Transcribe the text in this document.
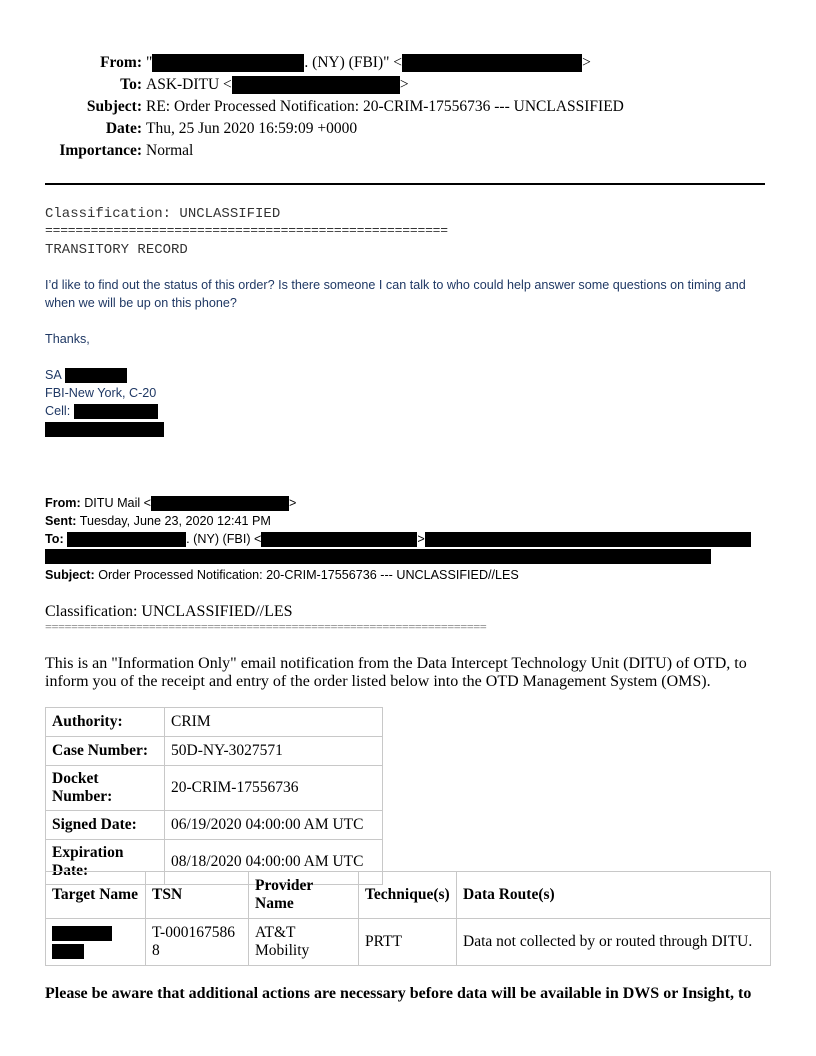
From: "	. (NY) (FBI)" <	>
To: ASK-DITU <	>
Subject: RE: Order Processed Notification: 20-CRIM-17556736 --- UNCLASSIFIED
Date: Thu, 25 Jun 2020 16:59:09 +0000
Importance: Normal
Classification: UNCLASSIFIED
=====================================================
TRANSITORY RECORD
I’d like to find out the status of this order? Is there someone I can talk to who could help answer some questions on timing and when we will be up on this phone?
Thanks,
SA
FBI-New York, C-20
Cell:
From: DITU Mail <	>
Sent: Tuesday, June 23, 2020 12:41 PM
To:	. (NY) (FBI) <	>
Subject: Order Processed Notification: 20-CRIM-17556736 --- UNCLASSIFIED//LES
Classification: UNCLASSIFIED//LES
====================================================================
This is an "Information Only" email notification from the Data Intercept Technology Unit (DITU) of OTD, to inform you of the receipt and entry of the order listed below into the OTD Management System (OMS).
Authority:	CRIM
Case Number:	50D-NY-3027571
Docket Number:	20-CRIM-17556736
Signed Date:	06/19/2020 04:00:00 AM UTC
Expiration Date:	08/18/2020 04:00:00 AM UTC
Target Name	TSN	Provider Name	Technique(s)	Data Route(s)

	T-0001675868	AT&T Mobility	PRTT	Data not collected by or routed through DITU.
Please be aware that additional actions are necessary before data will be available in DWS or Insight, to
